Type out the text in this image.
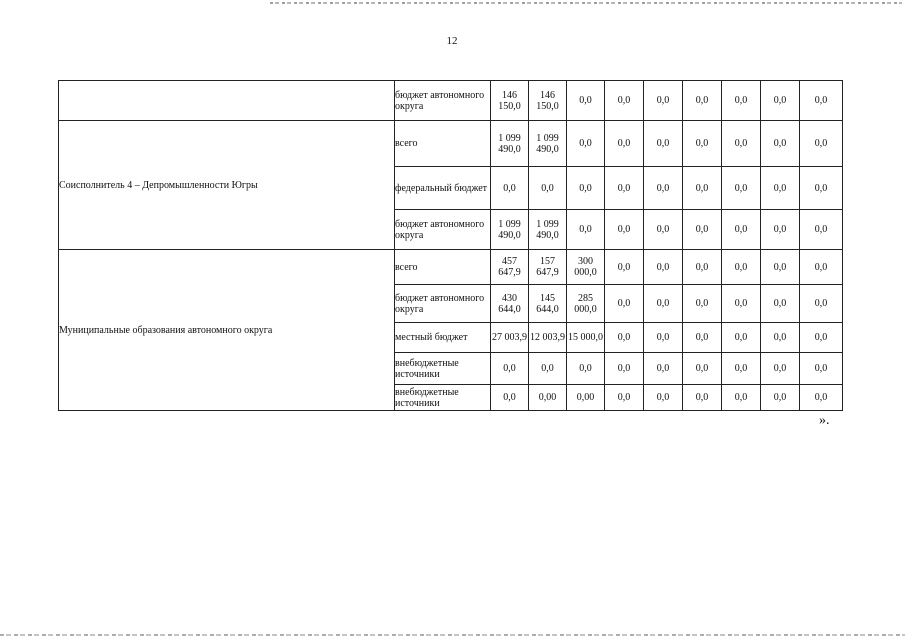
12
	бюджет автономного округа	146 150,0	146 150,0	0,0	0,0	0,0	0,0	0,0	0,0	0,0
Соисполнитель 4 – Депромышленности Югры	всего	1 099 490,0	1 099 490,0	0,0	0,0	0,0	0,0	0,0	0,0	0,0
	федеральный бюджет	0,0	0,0	0,0	0,0	0,0	0,0	0,0	0,0	0,0
	бюджет автономного округа	1 099 490,0	1 099 490,0	0,0	0,0	0,0	0,0	0,0	0,0	0,0
Муниципальные образования автономного округа	всего	457 647,9	157 647,9	300 000,0	0,0	0,0	0,0	0,0	0,0	0,0
	бюджет автономного округа	430 644,0	145 644,0	285 000,0	0,0	0,0	0,0	0,0	0,0	0,0
	местный бюджет	27 003,9	12 003,9	15 000,0	0,0	0,0	0,0	0,0	0,0	0,0
	внебюджетные источники	0,0	0,0	0,0	0,0	0,0	0,0	0,0	0,0	0,0
	внебюджетные источники	0,0	0,00	0,00	0,0	0,0	0,0	0,0	0,0	0,0
».
